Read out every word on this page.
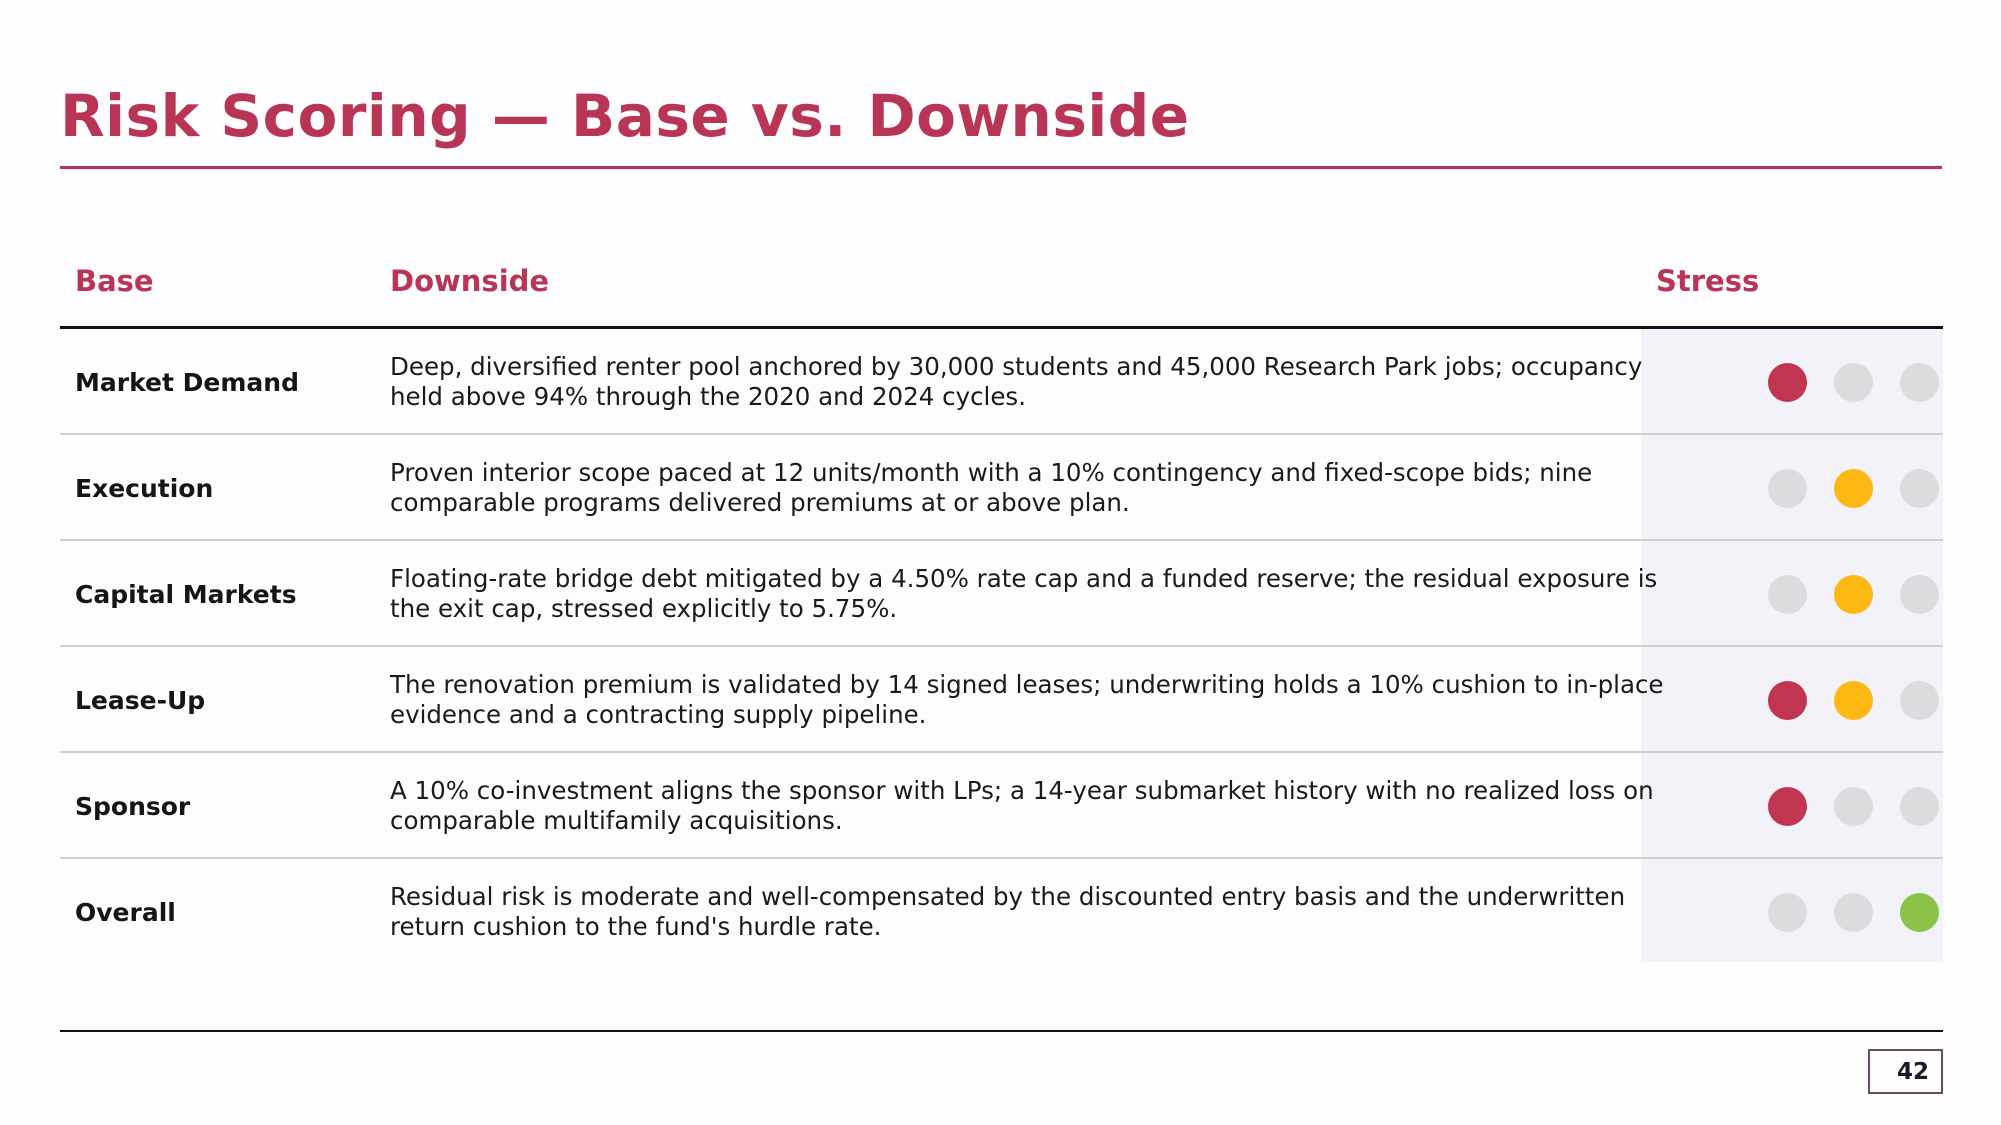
Risk Scoring — Base vs. Downside
Base	Downside	Stress
Market Demand
Deep, diversified renter pool anchored by 30,000 students and 45,000 Research Park jobs; occupancy held above 94% through the 2020 and 2024 cycles.
Execution
Proven interior scope paced at 12 units/month with a 10% contingency and fixed-scope bids; nine comparable programs delivered premiums at or above plan.
Capital Markets
Floating-rate bridge debt mitigated by a 4.50% rate cap and a funded reserve; the residual exposure is the exit cap, stressed explicitly to 5.75%.
Lease-Up
The renovation premium is validated by 14 signed leases; underwriting holds a 10% cushion to in-place evidence and a contracting supply pipeline.
Sponsor
A 10% co-investment aligns the sponsor with LPs; a 14-year submarket history with no realized loss on comparable multifamily acquisitions.
Overall
Residual risk is moderate and well-compensated by the discounted entry basis and the underwritten return cushion to the fund's hurdle rate.
42
